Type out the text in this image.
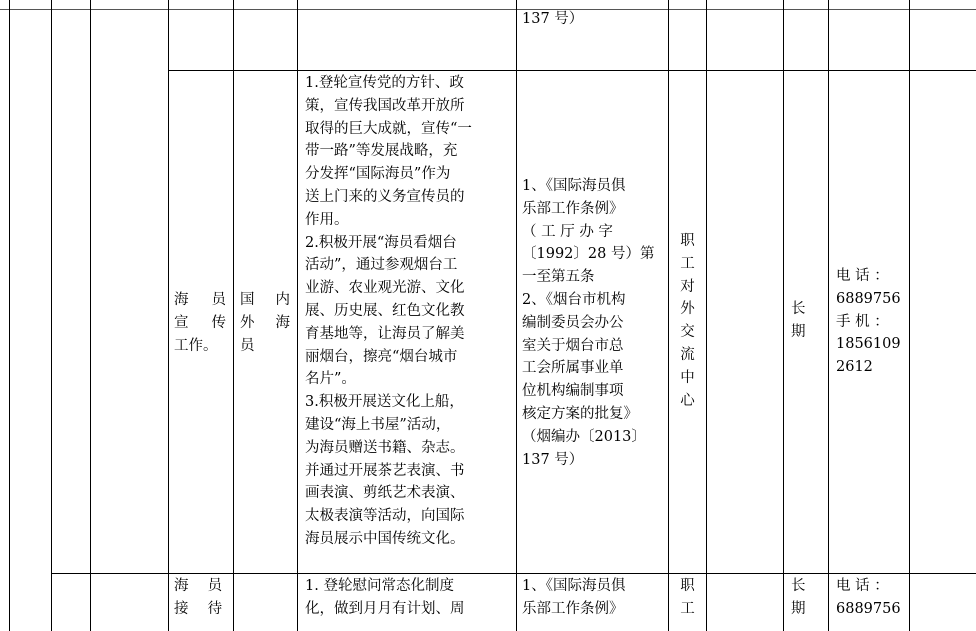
137 号）
海 员
宣 传
工作。
国 内
外 海
员
1.登轮宣传党的方针、政
策，宣传我国改革开放所
取得的巨大成就，宣传“一
带一路”等发展战略，充
分发挥“国际海员”作为
送上门来的义务宣传员的
作用。
2.积极开展“海员看烟台
活动”，通过参观烟台工
业游、农业观光游、文化
展、历史展、红色文化教
育基地等，让海员了解美
丽烟台，擦亮“烟台城市
名片”。
3.积极开展送文化上船，
建设“海上书屋”活动，
为海员赠送书籍、杂志。
并通过开展茶艺表演、书
画表演、剪纸艺术表演、
太极表演等活动，向国际
海员展示中国传统文化。
1、《国际海员俱
乐部工作条例》
（ 工 厅 办 字
〔1992〕28 号）第
一至第五条
2、《烟台市机构
编制委员会办公
室关于烟台市总
工会所属事业单
位机构编制事项
核定方案的批复》
（烟编办〔2013〕
137 号）
职
工
对
外
交
流
中
心
长
期
电 话 ：
6889756
手 机 ：
1856109
2612
海　 员
接　 待
1. 登轮慰问常态化制度
化，做到月月有计划、周
1、《国际海员俱
乐部工作条例》
职
工
长
期
电 话 ：
6889756
